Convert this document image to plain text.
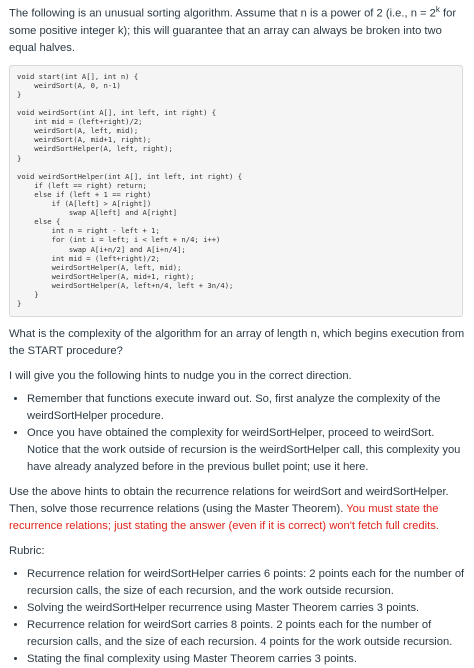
The following is an unusual sorting algorithm. Assume that n is a power of 2 (i.e., $n = 2^k$ for some positive integer k); this will guarantee that an array can always be broken into two equal halves.

void start(int A[], int n) {
weirdSort(A, 0, n-1)
}
void weirdSort(int A[], int left, int right) {
int mid = (left+right)/2;
weirdSort(A, left, mid);
weirdSort(A, mid+1, right);
weirdSortHelper(A, left, right);
}
void weirdSortHelper(int A[], int left, int right) {
if (left == right) return;
else if (left + 1 == right)
if (A[left] > A[right])
swap A[left] and A[right]
else {
int n = right - left + 1;
for (int i = left; i < left + n/4; i++)
swap A[i+n/2] and A[i+n/4];
int mid = (left+right)/2;
weirdSortHelper(A, left, mid);
weirdSortHelper(A, mid+1, right);
weirdSortHelper(A, left+n/4, left + 3n/4);
}
}

What is the complexity of the algorithm for an array of length n, which begins execution from the START procedure?

I will give you the following hints to nudge you in the correct direction.

• Remember that functions execute inward out. So, first analyze the complexity of the weirdSortHelper procedure.
• Once you have obtained the complexity for weirdSortHelper, proceed to weirdSort. Notice that the work outside of recursion is the weirdSortHelper call, this complexity you have already analyzed before in the previous bullet point; use it here.

Use the above hints to obtain the recurrence relations for weirdSort and weirdSortHelper. Then, solve those recurrence relations (using the Master Theorem). You must state the recurrence relations; just stating the answer (even if it is correct) won't fetch full credits.

Rubric:

• Recurrence relation for weirdSortHelper carries 6 points: 2 points each for the number of recursion calls, the size of each recursion, and the work outside recursion.
• Solving the weirdSortHelper recurrence using Master Theorem carries 3 points.
• Recurrence relation for weirdSort carries 8 points. 2 points each for the number of recursion calls, and the size of each recursion. 4 points for the work outside recursion.
• Stating the final complexity using Master Theorem carries 3 points.
